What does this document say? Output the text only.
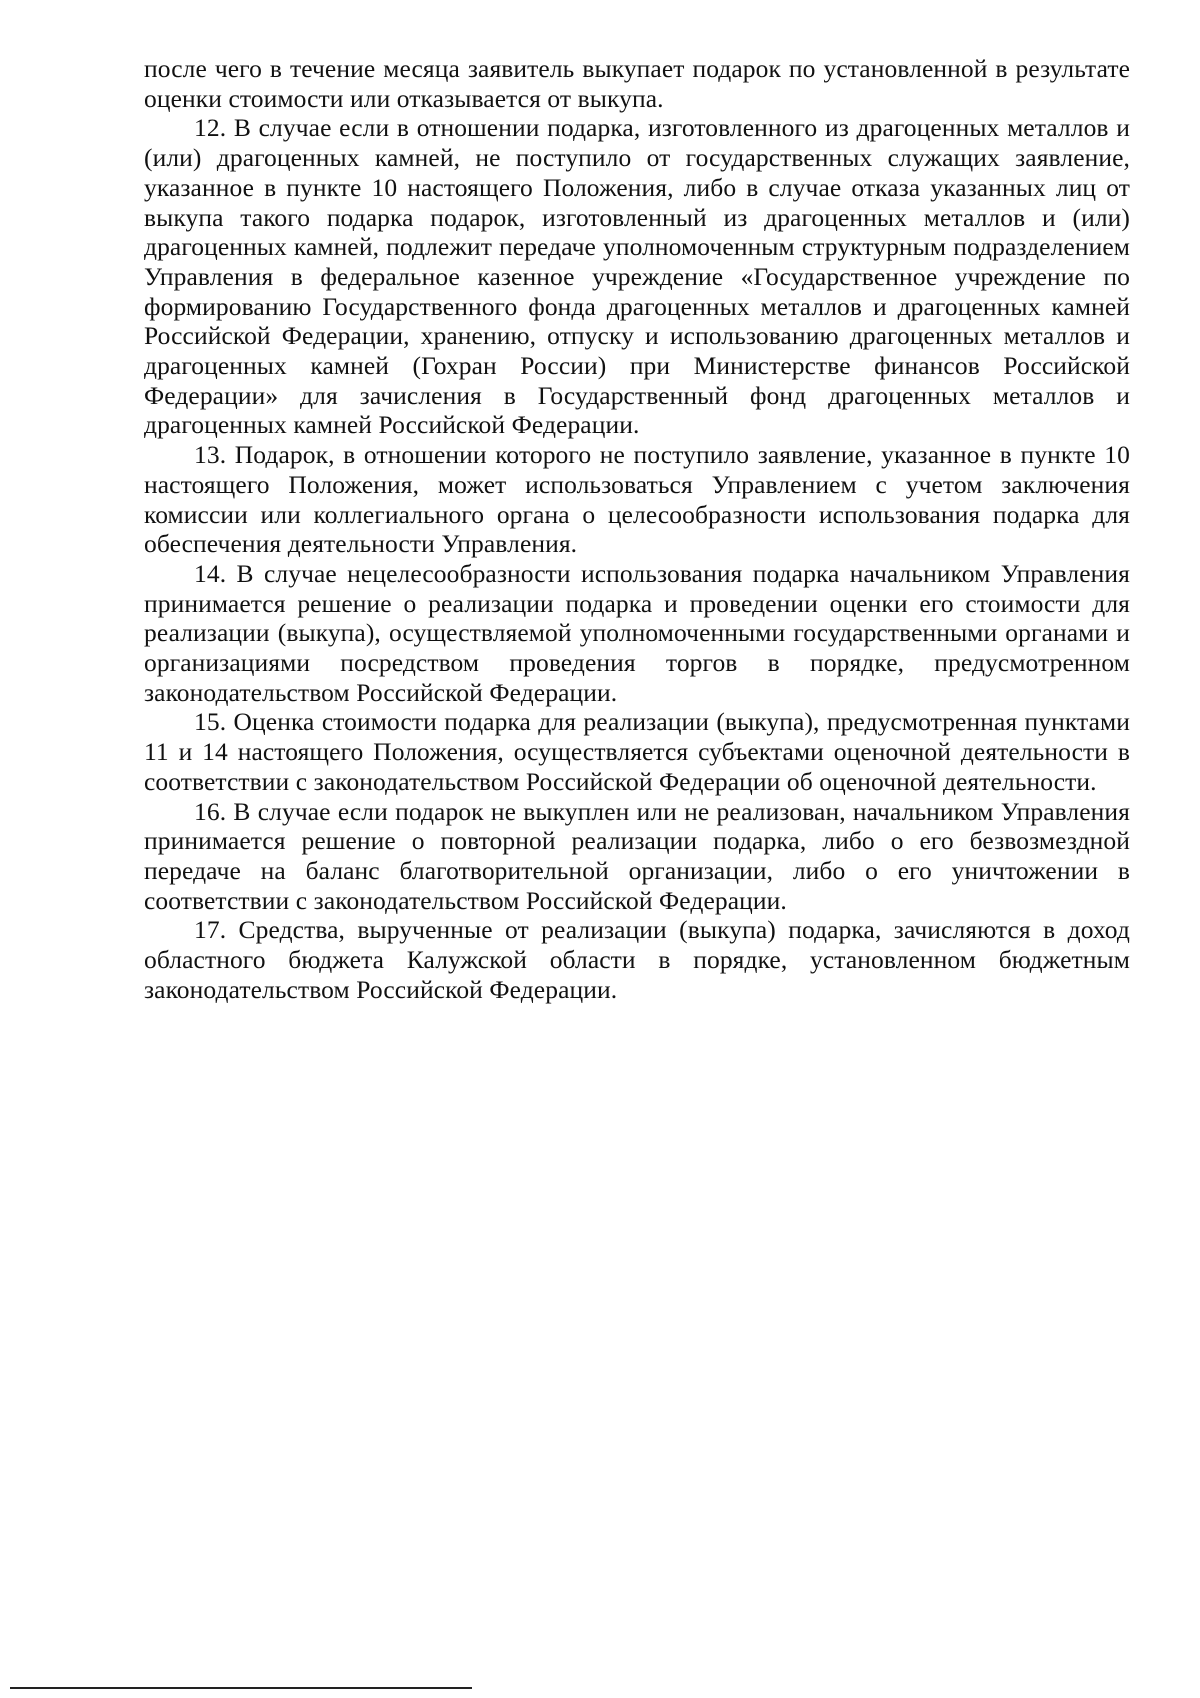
после чего в течение месяца заявитель выкупает подарок по установленной в результате оценки стоимости или отказывается от выкупа.

12. В случае если в отношении подарка, изготовленного из драгоценных металлов и (или) драгоценных камней, не поступило от государственных служащих заявление, указанное в пункте 10 настоящего Положения, либо в случае отказа указанных лиц от выкупа такого подарка подарок, изготовленный из драгоценных металлов и (или) драгоценных камней, подлежит передаче уполномоченным структурным подразделением Управления в федеральное казенное учреждение «Государственное учреждение по формированию Государственного фонда драгоценных металлов и драгоценных камней Российской Федерации, хранению, отпуску и использованию драгоценных металлов и драгоценных камней (Гохран России) при Министерстве финансов Российской Федерации» для зачисления в Государственный фонд драгоценных металлов и драгоценных камней Российской Федерации.

13. Подарок, в отношении которого не поступило заявление, указанное в пункте 10 настоящего Положения, может использоваться Управлением с учетом заключения комиссии или коллегиального органа о целесообразности использования подарка для обеспечения деятельности Управления.

14. В случае нецелесообразности использования подарка начальником Управления принимается решение о реализации подарка и проведении оценки его стоимости для реализации (выкупа), осуществляемой уполномоченными государственными органами и организациями посредством проведения торгов в порядке, предусмотренном законодательством Российской Федерации.

15. Оценка стоимости подарка для реализации (выкупа), предусмотренная пунктами 11 и 14 настоящего Положения, осуществляется субъектами оценочной деятельности в соответствии с законодательством Российской Федерации об оценочной деятельности.

16. В случае если подарок не выкуплен или не реализован, начальником Управления принимается решение о повторной реализации подарка, либо о его безвозмездной передаче на баланс благотворительной организации, либо о его уничтожении в соответствии с законодательством Российской Федерации.

17. Средства, вырученные от реализации (выкупа) подарка, зачисляются в доход областного бюджета Калужской области в порядке, установленном бюджетным законодательством Российской Федерации.
